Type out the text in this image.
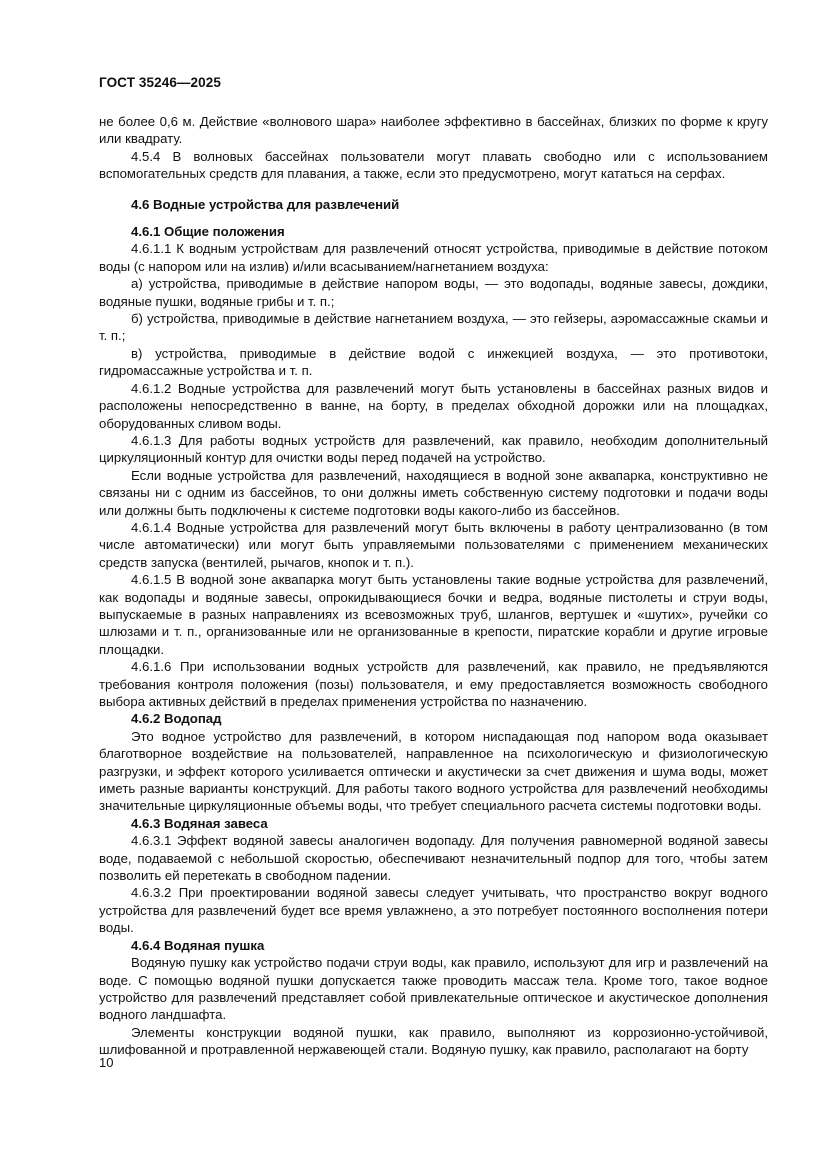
ГОСТ 35246—2025

не более 0,6 м. Действие «волнового шара» наиболее эффективно в бассейнах, близких по форме к кругу или квадрату.

4.5.4 В волновых бассейнах пользователи могут плавать свободно или с использованием вспомогательных средств для плавания, а также, если это предусмотрено, могут кататься на серфах.

4.6 Водные устройства для развлечений
4.6.1 Общие положения

4.6.1.1 К водным устройствам для развлечений относят устройства, приводимые в действие потоком воды (с напором или на излив) и/или всасыванием/нагнетанием воздуха:

а) устройства, приводимые в действие напором воды, — это водопады, водяные завесы, дождики, водяные пушки, водяные грибы и т. п.;

б) устройства, приводимые в действие нагнетанием воздуха, — это гейзеры, аэромассажные скамьи и т. п.;

в) устройства, приводимые в действие водой с инжекцией воздуха, — это противотоки, гидромассажные устройства и т. п.

4.6.1.2 Водные устройства для развлечений могут быть установлены в бассейнах разных видов и расположены непосредственно в ванне, на борту, в пределах обходной дорожки или на площадках, оборудованных сливом воды.

4.6.1.3 Для работы водных устройств для развлечений, как правило, необходим дополнительный циркуляционный контур для очистки воды перед подачей на устройство.

Если водные устройства для развлечений, находящиеся в водной зоне аквапарка, конструктивно не связаны ни с одним из бассейнов, то они должны иметь собственную систему подготовки и подачи воды или должны быть подключены к системе подготовки воды какого-либо из бассейнов.

4.6.1.4 Водные устройства для развлечений могут быть включены в работу централизованно (в том числе автоматически) или могут быть управляемыми пользователями с применением механических средств запуска (вентилей, рычагов, кнопок и т. п.).

4.6.1.5 В водной зоне аквапарка могут быть установлены такие водные устройства для развлечений, как водопады и водяные завесы, опрокидывающиеся бочки и ведра, водяные пистолеты и струи воды, выпускаемые в разных направлениях из всевозможных труб, шлангов, вертушек и «шутих», ручейки со шлюзами и т. п., организованные или не организованные в крепости, пиратские корабли и другие игровые площадки.

4.6.1.6 При использовании водных устройств для развлечений, как правило, не предъявляются требования контроля положения (позы) пользователя, и ему предоставляется возможность свободного выбора активных действий в пределах применения устройства по назначению.

4.6.2 Водопад

Это водное устройство для развлечений, в котором ниспадающая под напором вода оказывает благотворное воздействие на пользователей, направленное на психологическую и физиологическую разгрузки, и эффект которого усиливается оптически и акустически за счет движения и шума воды, может иметь разные варианты конструкций. Для работы такого водного устройства для развлечений необходимы значительные циркуляционные объемы воды, что требует специального расчета системы подготовки воды.

4.6.3 Водяная завеса

4.6.3.1 Эффект водяной завесы аналогичен водопаду. Для получения равномерной водяной завесы воде, подаваемой с небольшой скоростью, обеспечивают незначительный подпор для того, чтобы затем позволить ей перетекать в свободном падении.

4.6.3.2 При проектировании водяной завесы следует учитывать, что пространство вокруг водного устройства для развлечений будет все время увлажнено, а это потребует постоянного восполнения потери воды.

4.6.4 Водяная пушка

Водяную пушку как устройство подачи струи воды, как правило, используют для игр и развлечений на воде. С помощью водяной пушки допускается также проводить массаж тела. Кроме того, такое водное устройство для развлечений представляет собой привлекательные оптическое и акустическое дополнения водного ландшафта.

Элементы конструкции водяной пушки, как правило, выполняют из коррозионно-устойчивой, шлифованной и протравленной нержавеющей стали. Водяную пушку, как правило, располагают на борту

10
